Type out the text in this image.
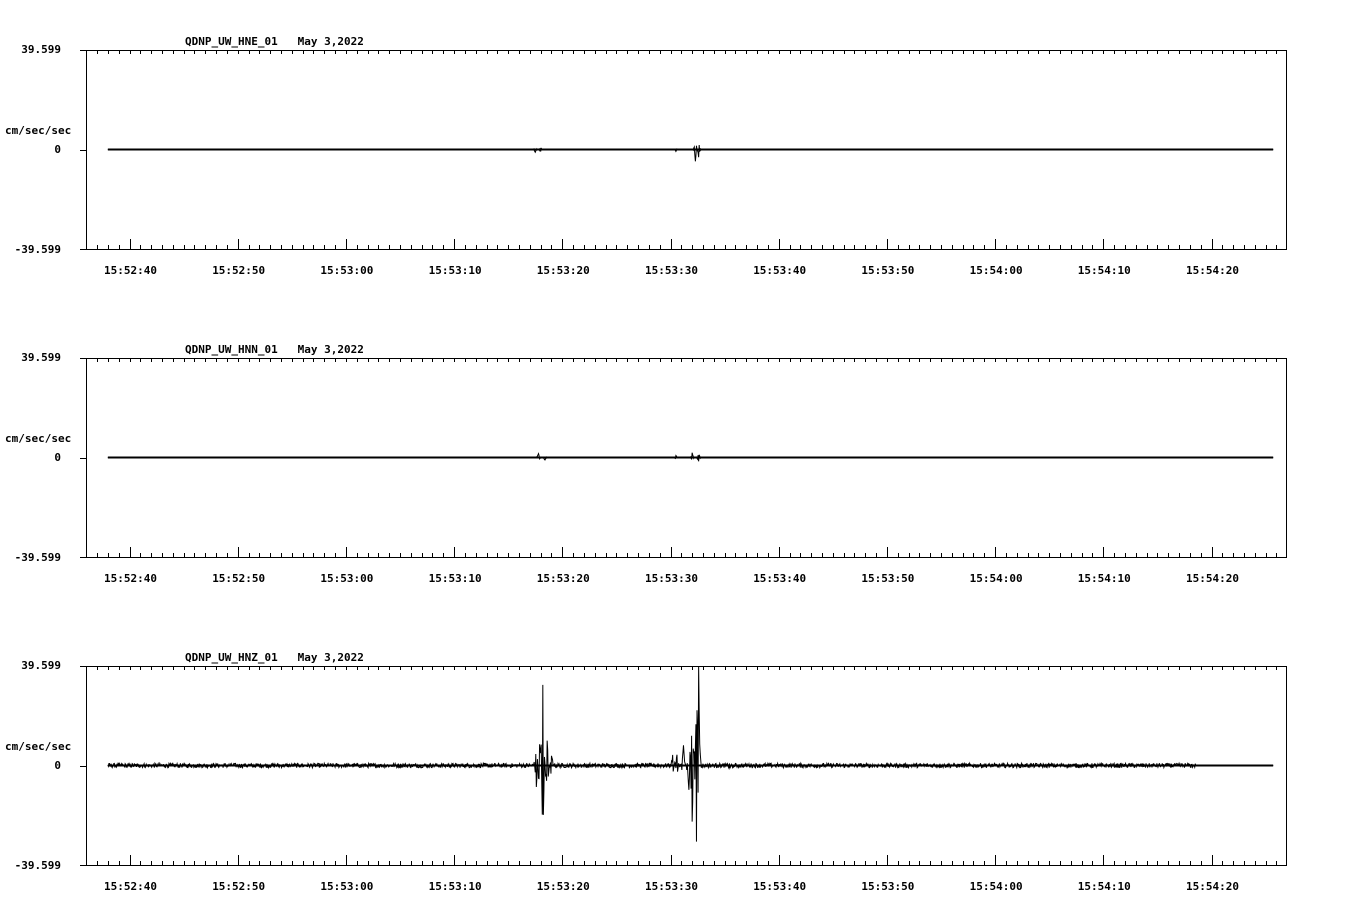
QDNP_UW_HNE_01 May 3,2022
39.599
0
-39.599
cm/sec/sec
15:52:40	15:52:50	15:53:00	15:53:10	15:53:20	15:53:30	15:53:40	15:53:50	15:54:00	15:54:10	15:54:20
QDNP_UW_HNN_01 May 3,2022
39.599
0
-39.599
cm/sec/sec
15:52:40	15:52:50	15:53:00	15:53:10	15:53:20	15:53:30	15:53:40	15:53:50	15:54:00	15:54:10	15:54:20
QDNP_UW_HNZ_01 May 3,2022
39.599
0
-39.599
cm/sec/sec
15:52:40	15:52:50	15:53:00	15:53:10	15:53:20	15:53:30	15:53:40	15:53:50	15:54:00	15:54:10	15:54:20
